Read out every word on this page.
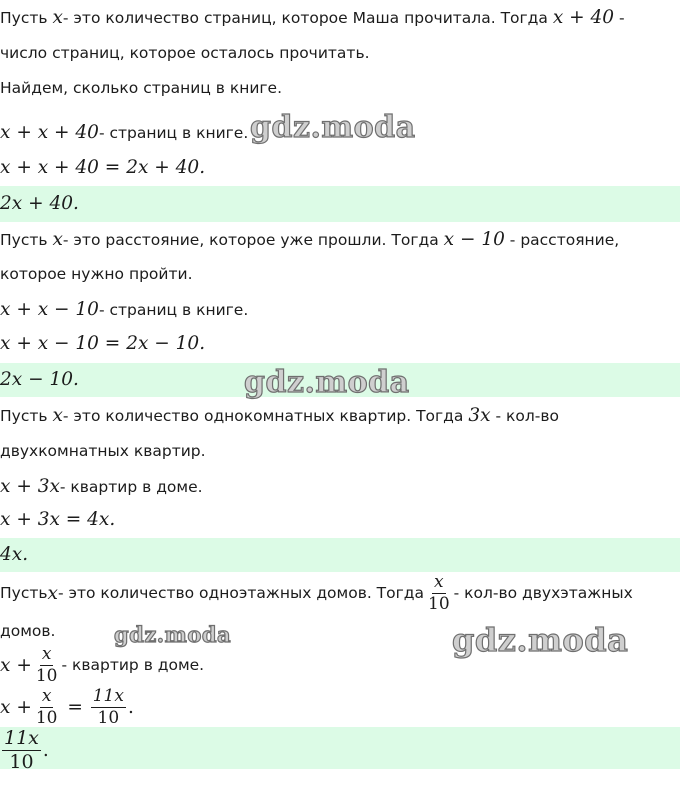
Пусть x- это количество страниц, которое Маша прочитала. Тогда x + 40 -
число страниц, которое осталось прочитать.
Найдем, сколько страниц в книге.
x + x + 40- страниц в книге.
x + x + 40 = 2x + 40.
2x + 40.
Пусть x- это расстояние, которое уже прошли. Тогда x − 10 - расстояние,
которое нужно пройти.
x + x − 10- страниц в книге.
x + x − 10 = 2x − 10.
2x − 10.
Пусть x- это количество однокомнатных квартир. Тогда 3x - кол-во
двухкомнатных квартир.
x + 3x- квартир в доме.
x + 3x = 4x.
4x.
Пусть x - это количество одноэтажных домов. Тогда $\frac{x}{10} - кол-во$ двухэтажных
домов.
$x + \frac{x}{10}$ - квартир в доме.
$x + \frac{x}{10} = \frac{11x}{10}$ .
$\frac{11x}{10}$ .
gdz.moda
gdz.moda
gdz.moda	gdz.moda
